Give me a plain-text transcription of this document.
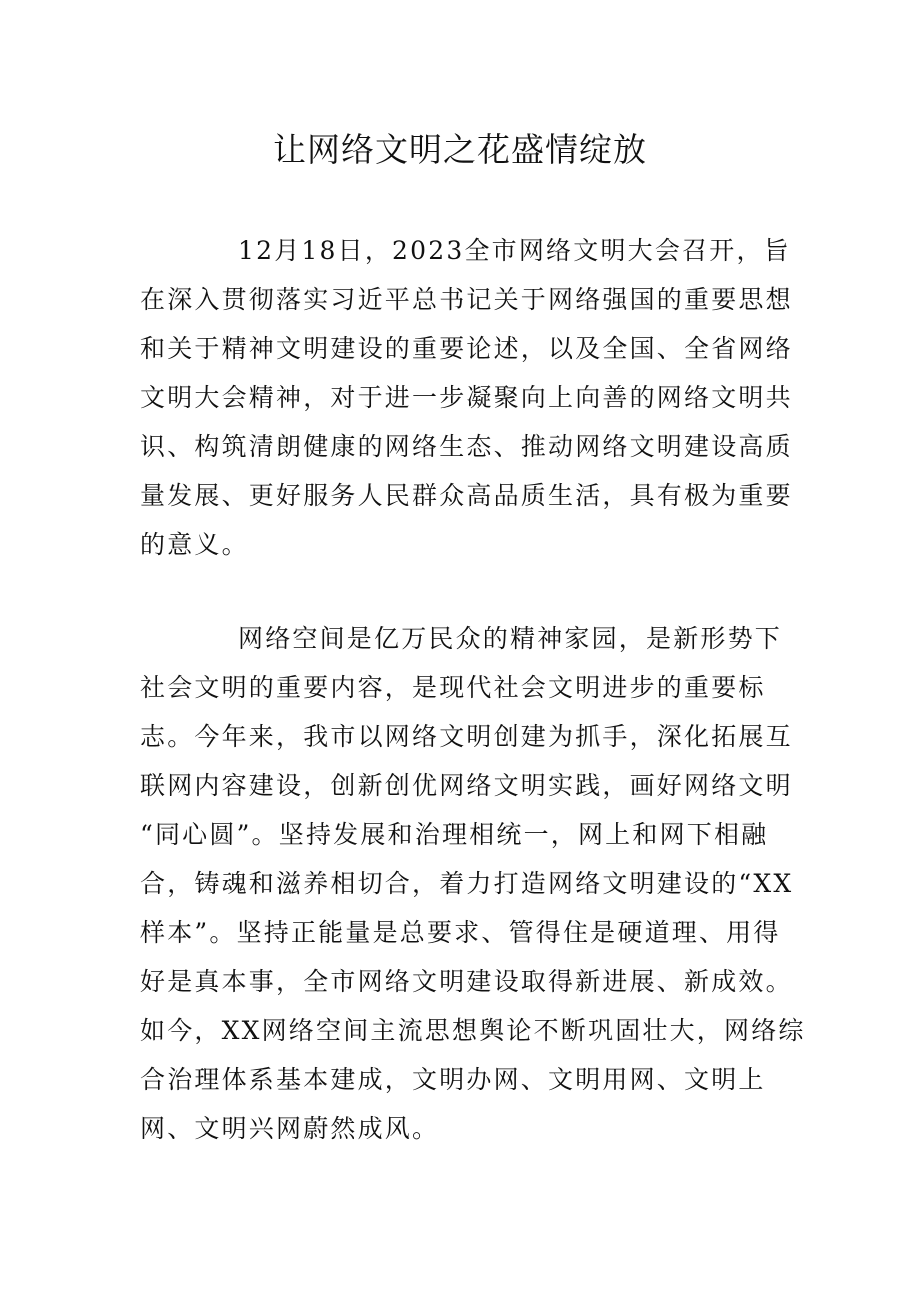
让网络文明之花盛情绽放
12月18日，2023全市网络文明大会召开，旨
在深入贯彻落实习近平总书记关于网络强国的重要思想
和关于精神文明建设的重要论述，以及全国、全省网络
文明大会精神，对于进一步凝聚向上向善的网络文明共
识、构筑清朗健康的网络生态、推动网络文明建设高质
量发展、更好服务人民群众高品质生活，具有极为重要
的意义。
网络空间是亿万民众的精神家园，是新形势下
社会文明的重要内容，是现代社会文明进步的重要标
志。今年来，我市以网络文明创建为抓手，深化拓展互
联网内容建设，创新创优网络文明实践，画好网络文明
“同心圆”。坚持发展和治理相统一，网上和网下相融
合，铸魂和滋养相切合，着力打造网络文明建设的“XX
样本”。坚持正能量是总要求、管得住是硬道理、用得
好是真本事，全市网络文明建设取得新进展、新成效。
如今，XX网络空间主流思想舆论不断巩固壮大，网络综
合治理体系基本建成，文明办网、文明用网、文明上
网、文明兴网蔚然成风。
